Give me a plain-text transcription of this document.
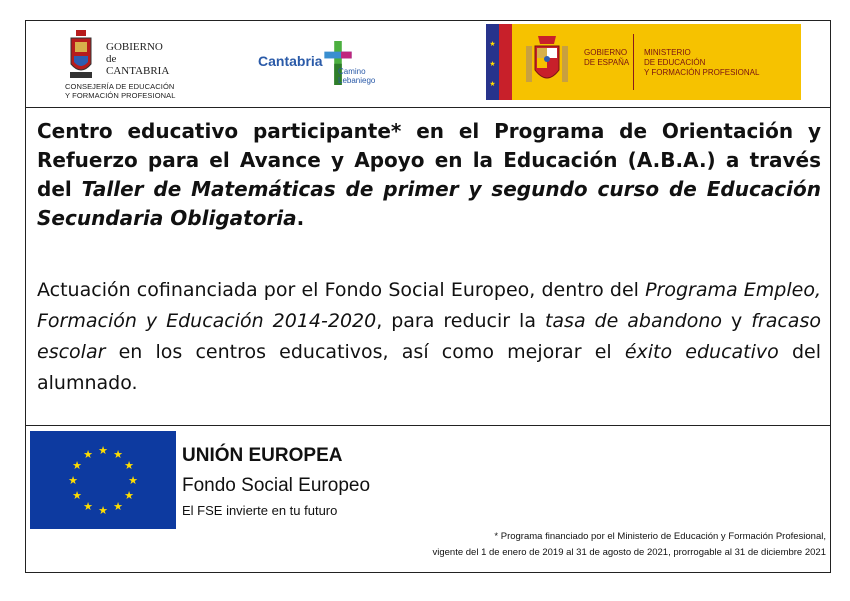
GOBIERNO
de
CANTABRIA
CONSEJERÍA DE EDUCACIÓN
Y FORMACIÓN PROFESIONAL
Cantabria
Camino
Lebaniego
★
★
★
GOBIERNO
DE ESPAÑA
MINISTERIO
DE EDUCACIÓN
Y FORMACIÓN PROFESIONAL

Centro educativo participante* en el Programa de Orientación y Refuerzo para el Avance y Apoyo en la Educación (A.B.A.) a través del Taller de Matemáticas de primer y segundo curso de Educación Secundaria Obligatoria.

Actuación cofinanciada por el Fondo Social Europeo, dentro del Programa Empleo, Formación y Educación 2014-2020, para reducir la tasa de abandono y fracaso escolar en los centros educativos, así como mejorar el éxito educativo del alumnado.

★ ★
★
★
★
★
★
★
★
★
★
★	UNIÓN EUROPEA
Fondo Social Europeo
El FSE invierte en tu futuro
* Programa financiado por el Ministerio de Educación y Formación Profesional,
vigente del 1 de enero de 2019 al 31 de agosto de 2021, prorrogable al 31 de diciembre 2021
